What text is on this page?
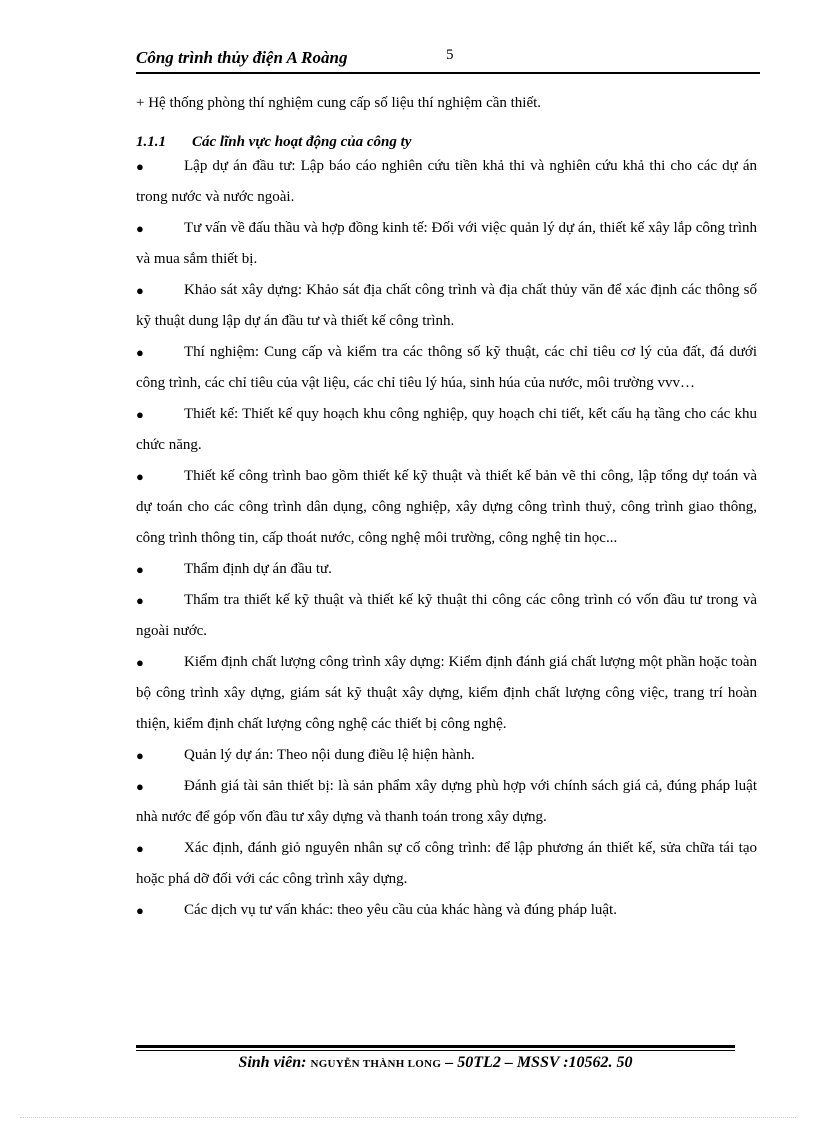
Công trình thủy điện A Roàng	5

+ Hệ thống phòng thí nghiệm cung cấp số liệu thí nghiệm cần thiết.

1.1.1 Các lĩnh vực hoạt động của công ty

●	Lập dự án đầu tư: Lập báo cáo nghiên cứu tiền khả thi và nghiên cứu khả thi cho các dự án trong nước và nước ngoài.
●	Tư vấn về đấu thầu và hợp đồng kinh tế: Đối với việc quản lý dự án, thiết kế xây lắp công trình và mua sắm thiết bị.
●	Khảo sát xây dựng: Khảo sát địa chất công trình và địa chất thủy văn để xác định các thông số kỹ thuật dung lập dự án đầu tư và thiết kế công trình.
●	Thí nghiệm: Cung cấp và kiểm tra các thông số kỹ thuật, các chỉ tiêu cơ lý của đất, đá dưới công trình, các chỉ tiêu của vật liệu, các chỉ tiêu lý húa, sinh húa của nước, môi trường vvv…
●	Thiết kế: Thiết kế quy hoạch khu công nghiệp, quy hoạch chi tiết, kết cấu hạ tầng cho các khu chức năng.
●	Thiết kế công trình bao gồm thiết kế kỹ thuật và thiết kế bản vẽ thi công, lập tổng dự toán và dự toán cho các công trình dân dụng, công nghiệp, xây dựng công trình thuỷ, công trình giao thông, công trình thông tin, cấp thoát nước, công nghệ môi trường, công nghệ tin học...
●	Thẩm định dự án đầu tư.
●	Thẩm tra thiết kế kỹ thuật và thiết kế kỹ thuật thi công các công trình có vốn đầu tư trong và ngoài nước.
●	Kiểm định chất lượng công trình xây dựng: Kiểm định đánh giá chất lượng một phần hoặc toàn bộ công trình xây dựng, giám sát kỹ thuật xây dựng, kiểm định chất lượng công việc, trang trí hoàn thiện, kiểm định chất lượng công nghệ các thiết bị công nghệ.
●	Quản lý dự án: Theo nội dung điều lệ hiện hành.
●	Đánh giá tài sản thiết bị: là sản phẩm xây dựng phù hợp với chính sách giá cả, đúng pháp luật nhà nước để góp vốn đầu tư xây dựng và thanh toán trong xây dựng.
●	Xác định, đánh giỏ nguyên nhân sự cố công trình: để lập phương án thiết kế, sửa chữa tái tạo hoặc phá dỡ đối với các công trình xây dựng.
●	Các dịch vụ tư vấn khác: theo yêu cầu của khác hàng và đúng pháp luật.
Sinh viên: NGUYỄN THÀNH LONG – 50TL2 – MSSV :10562. 50
